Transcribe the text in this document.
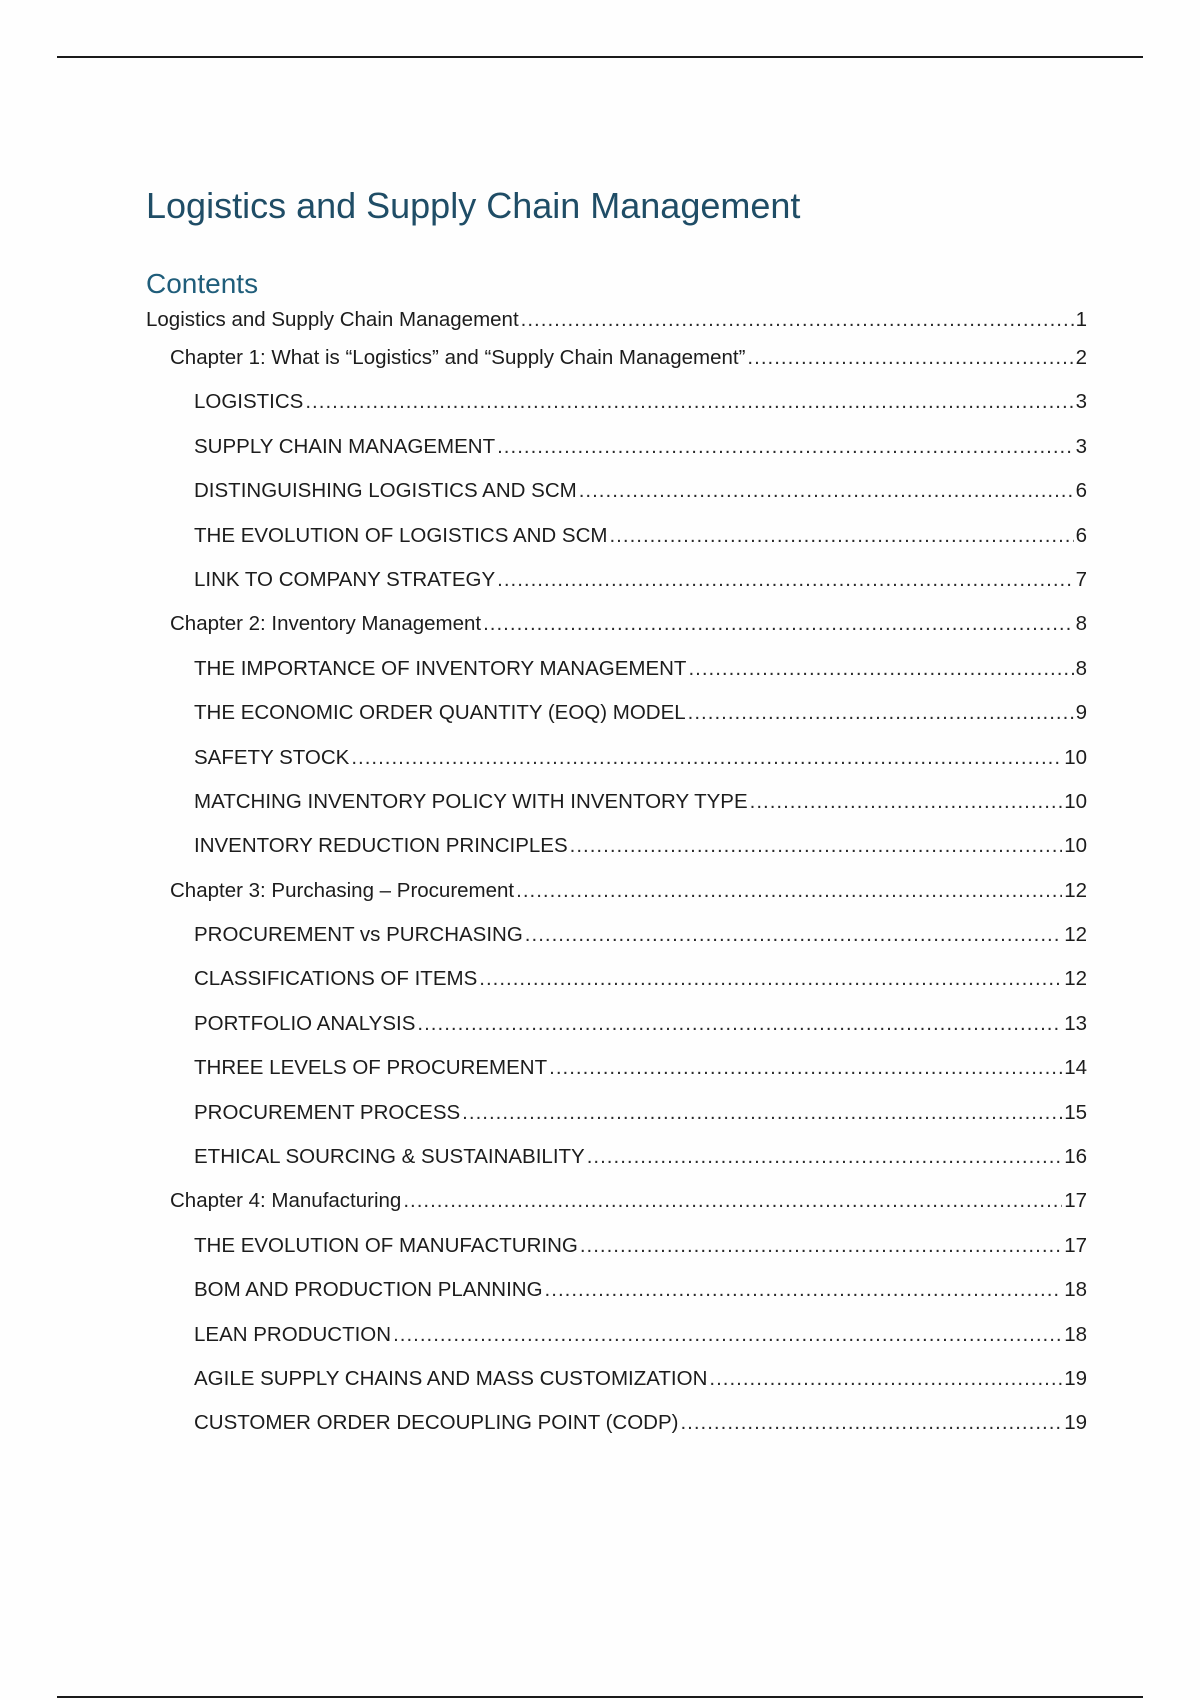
Logistics and Supply Chain Management
Contents
Logistics and Supply Chain Management .....	1
Chapter 1: What is “Logistics” and “Supply Chain Management” .....	2
LOGISTICS .....	3
SUPPLY CHAIN MANAGEMENT .....	3
DISTINGUISHING LOGISTICS AND SCM .....	6
THE EVOLUTION OF LOGISTICS AND SCM .....	6
LINK TO COMPANY STRATEGY .....	7
Chapter 2: Inventory Management .....	8
THE IMPORTANCE OF INVENTORY MANAGEMENT .....	8
THE ECONOMIC ORDER QUANTITY (EOQ) MODEL .....	9
SAFETY STOCK .....	10
MATCHING INVENTORY POLICY WITH INVENTORY TYPE .....	10
INVENTORY REDUCTION PRINCIPLES .....	10
Chapter 3: Purchasing – Procurement .....	12
PROCUREMENT vs PURCHASING .....	12
CLASSIFICATIONS OF ITEMS .....	12
PORTFOLIO ANALYSIS .....	13
THREE LEVELS OF PROCUREMENT .....	14
PROCUREMENT PROCESS .....	15
ETHICAL SOURCING & SUSTAINABILITY .....	16
Chapter 4: Manufacturing .....	17
THE EVOLUTION OF MANUFACTURING .....	17
BOM AND PRODUCTION PLANNING .....	18
LEAN PRODUCTION .....	18
AGILE SUPPLY CHAINS AND MASS CUSTOMIZATION .....	19
CUSTOMER ORDER DECOUPLING POINT (CODP) .....	19
